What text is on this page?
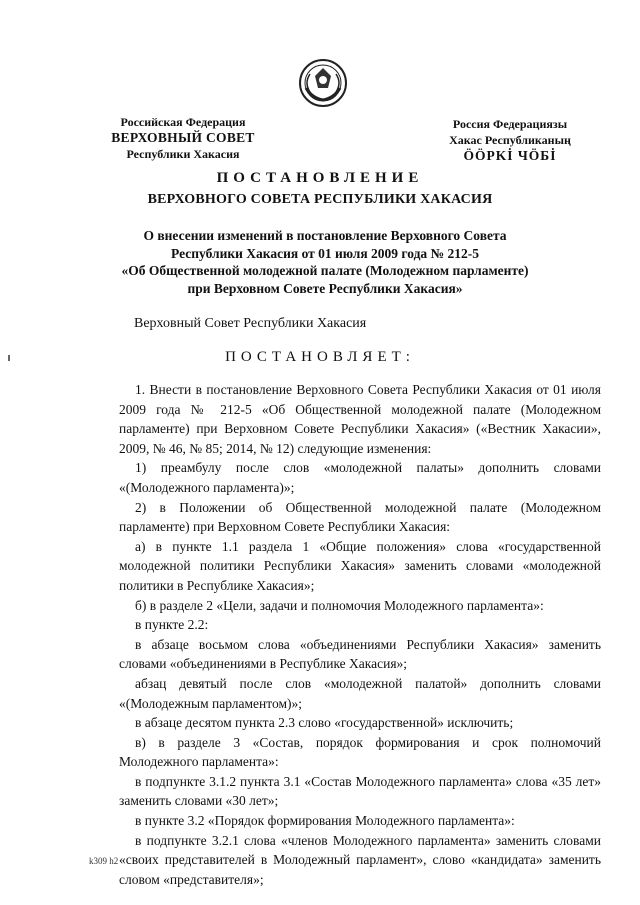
Российская Федерация
ВЕРХОВНЫЙ СОВЕТ
Республики Хакасия
Россия Федерациязы
Хакас Республиканың
ÖÖPKİ ЧÖБİ
ПОСТАНОВЛЕНИЕ
ВЕРХОВНОГО СОВЕТА РЕСПУБЛИКИ ХАКАСИЯ
О внесении изменений в постановление Верховного Совета
Республики Хакасия от 01 июля 2009 года № 212-5
«Об Общественной молодежной палате (Молодежном парламенте)
при Верховном Совете Республики Хакасия»
Верховный Совет Республики Хакасия
ПОСТАНОВЛЯЕТ:

1. Внести в постановление Верховного Совета Республики Хакасия от 01 июля 2009 года № 212-5 «Об Общественной молодежной палате (Молодежном парламенте) при Верховном Совете Республики Хакасия» («Вестник Хакасии», 2009, № 46, № 85; 2014, № 12) следующие изменения:

1) преамбулу после слов «молодежной палаты» дополнить словами «(Молодежного парламента)»;

2) в Положении об Общественной молодежной палате (Молодежном парламенте) при Верховном Совете Республики Хакасия:

а) в пункте 1.1 раздела 1 «Общие положения» слова «государственной молодежной политики Республики Хакасия» заменить словами «молодежной политики в Республике Хакасия»;

б) в разделе 2 «Цели, задачи и полномочия Молодежного парламента»:

в пункте 2.2:

в абзаце восьмом слова «объединениями Республики Хакасия» заменить словами «объединениями в Республике Хакасия»;

абзац девятый после слов «молодежной палатой» дополнить словами «(Молодежным парламентом)»;

в абзаце десятом пункта 2.3 слово «государственной» исключить;

в) в разделе 3 «Состав, порядок формирования и срок полномочий Молодежного парламента»:

в подпункте 3.1.2 пункта 3.1 «Состав Молодежного парламента» слова «35 лет» заменить словами «30 лет»;

в пункте 3.2 «Порядок формирования Молодежного парламента»:

в подпункте 3.2.1 слова «членов Молодежного парламента» заменить словами «своих представителей в Молодежный парламент», слово «кандидата» заменить словом «представителя»;

k309 h2
